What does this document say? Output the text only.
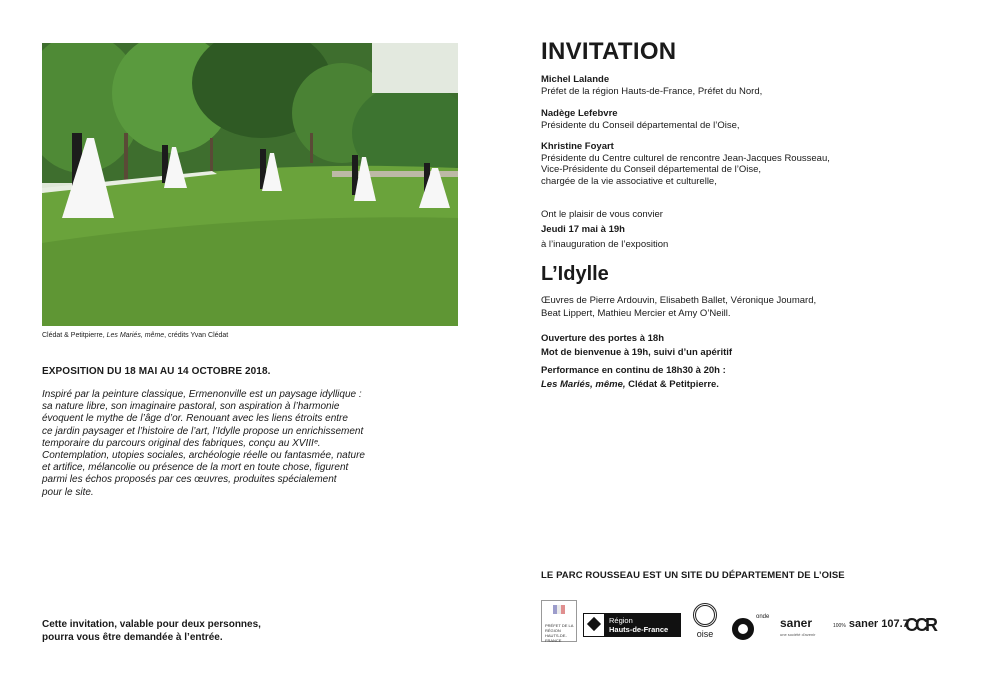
Clédat & Petitpierre, Les Mariés, même, crédits Yvan Clédat
EXPOSITION DU 18 MAI AU 14 OCTOBRE 2018.
Inspiré par la peinture classique, Ermenonville est un paysage idyllique :
sa nature libre, son imaginaire pastoral, son aspiration à l’harmonie
évoquent le mythe de l’âge d’or. Renouant avec les liens étroits entre
ce jardin paysager et l’histoire de l’art, l’Idylle propose un enrichissement
temporaire du parcours original des fabriques, conçu au XVIIIᵉ.
Contemplation, utopies sociales, archéologie réelle ou fantasmée, nature
et artifice, mélancolie ou présence de la mort en toute chose, figurent
parmi les échos proposés par ces œuvres, produites spécialement
pour le site.
Cette invitation, valable pour deux personnes,
pourra vous être demandée à l’entrée.
INVITATION
Michel Lalande
Préfet de la région Hauts-de-France, Préfet du Nord,
Nadège Lefebvre
Présidente du Conseil départemental de l’Oise,
Khristine Foyart
Présidente du Centre culturel de rencontre Jean-Jacques Rousseau,
Vice-Présidente du Conseil départemental de l’Oise,
chargée de la vie associative et culturelle,
Ont le plaisir de vous convier
Jeudi 17 mai à 19h
à l’inauguration de l’exposition
L’Idylle
Œuvres de Pierre Ardouvin, Elisabeth Ballet, Véronique Joumard,
Beat Lippert, Mathieu Mercier et Amy O’Neill.
Ouverture des portes à 18h
Mot de bienvenue à 19h, suivi d’un apéritif
Performance en continu de 18h30 à 20h :
Les Mariés, même, Clédat & Petitpierre.
LE PARC ROUSSEAU EST UN SITE DU DÉPARTEMENT DE L’OISE
PRÉFET DE LA RÉGION HAUTS-DE-FRANCE
Région
Hauts-de-France	oise
onde saner
une société d'avenir
100% saner 107.7
CCR
